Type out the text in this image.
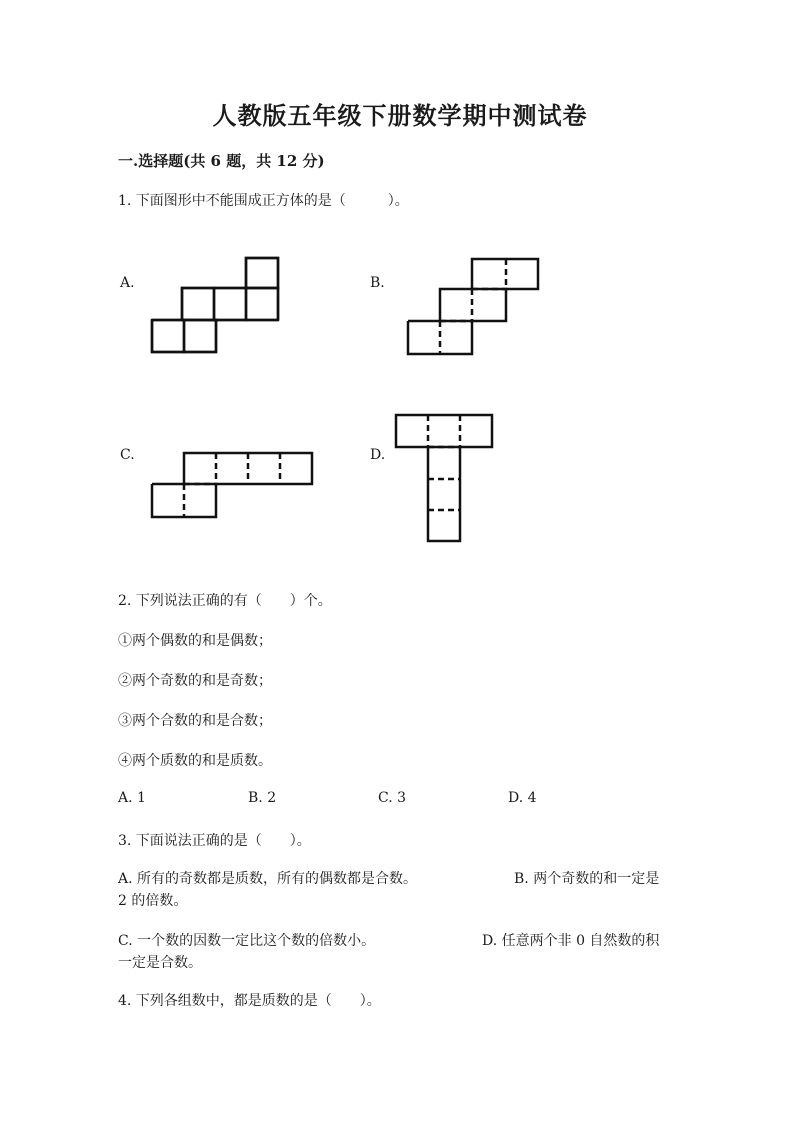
人教版五年级下册数学期中测试卷
一.选择题(共 6 题，共 12 分)
1. 下面图形中不能围成正方体的是（　　　）。
A.	B.
C.	D.
2. 下列说法正确的有（　　）个。
①两个偶数的和是偶数；
②两个奇数的和是奇数；
③两个合数的和是合数；
④两个质数的和是质数。
A. 1	B. 2	C. 3	D. 4
3. 下面说法正确的是（　　）。
A. 所有的奇数都是质数，所有的偶数都是合数。	B. 两个奇数的和一定是
2 的倍数。
C. 一个数的因数一定比这个数的倍数小。	D. 任意两个非 0 自然数的积
一定是合数。
4. 下列各组数中，都是质数的是（　　）。
